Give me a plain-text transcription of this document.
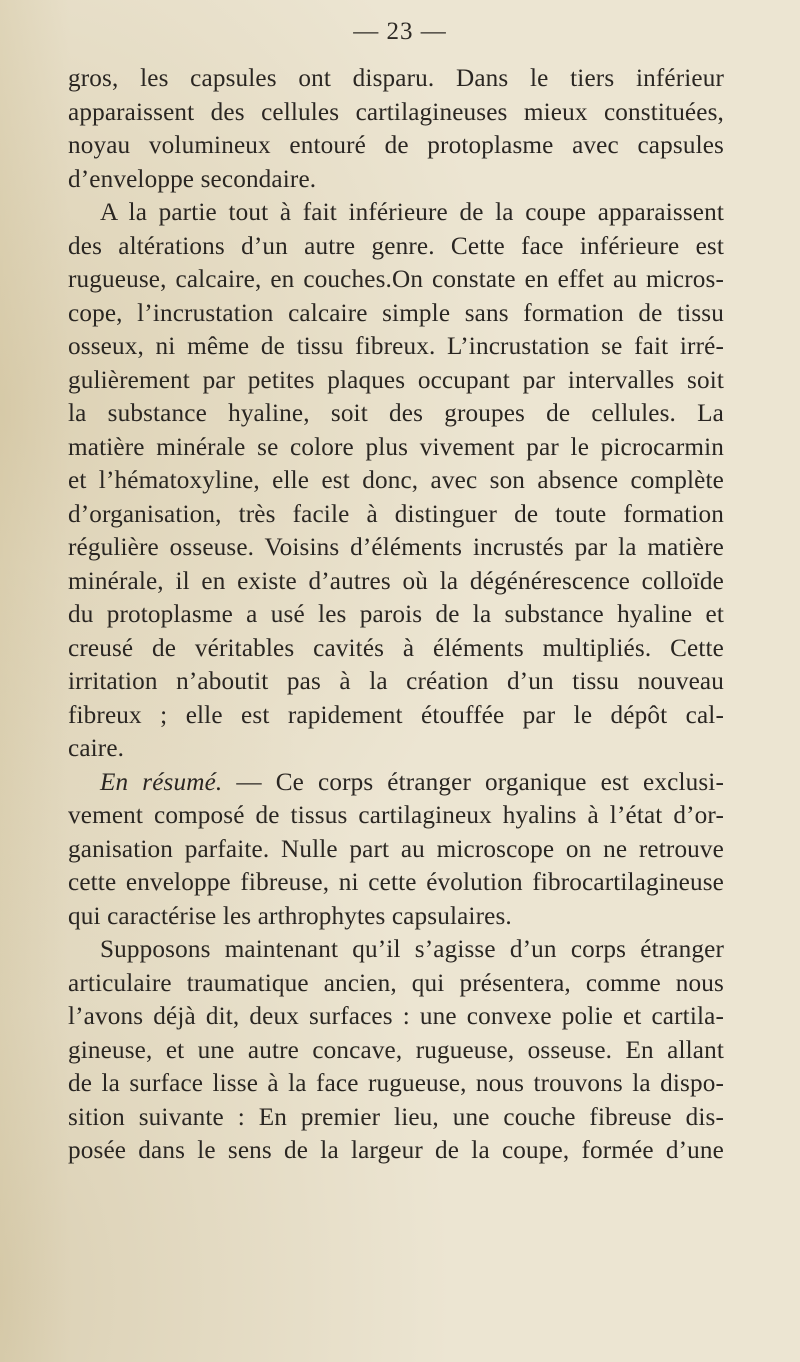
— 23 —
gros, les capsules ont disparu. Dans le tiers inférieur
apparaissent des cellules cartilagineuses mieux constituées,
noyau volumineux entouré de protoplasme avec capsules
d’enveloppe secondaire.
A la partie tout à fait inférieure de la coupe apparaissent
des altérations d’un autre genre. Cette face inférieure est
rugueuse, calcaire, en couches.On constate en effet au micros-
cope, l’incrustation calcaire simple sans formation de tissu
osseux, ni même de tissu fibreux. L’incrustation se fait irré-
gulièrement par petites plaques occupant par intervalles soit
la substance hyaline, soit des groupes de cellules. La
matière minérale se colore plus vivement par le picrocarmin
et l’hématoxyline, elle est donc, avec son absence complète
d’organisation, très facile à distinguer de toute formation
régulière osseuse. Voisins d’éléments incrustés par la matière
minérale, il en existe d’autres où la dégénérescence colloïde
du protoplasme a usé les parois de la substance hyaline et
creusé de véritables cavités à éléments multipliés. Cette
irritation n’aboutit pas à la création d’un tissu nouveau
fibreux ; elle est rapidement étouffée par le dépôt cal-
caire.
En résumé. — Ce corps étranger organique est exclusi-
vement composé de tissus cartilagineux hyalins à l’état d’or-
ganisation parfaite. Nulle part au microscope on ne retrouve
cette enveloppe fibreuse, ni cette évolution fibrocartilagineuse
qui caractérise les arthrophytes capsulaires.
Supposons maintenant qu’il s’agisse d’un corps étranger
articulaire traumatique ancien, qui présentera, comme nous
l’avons déjà dit, deux surfaces : une convexe polie et cartila-
gineuse, et une autre concave, rugueuse, osseuse. En allant
de la surface lisse à la face rugueuse, nous trouvons la dispo-
sition suivante : En premier lieu, une couche fibreuse dis-
posée dans le sens de la largeur de la coupe, formée d’une
